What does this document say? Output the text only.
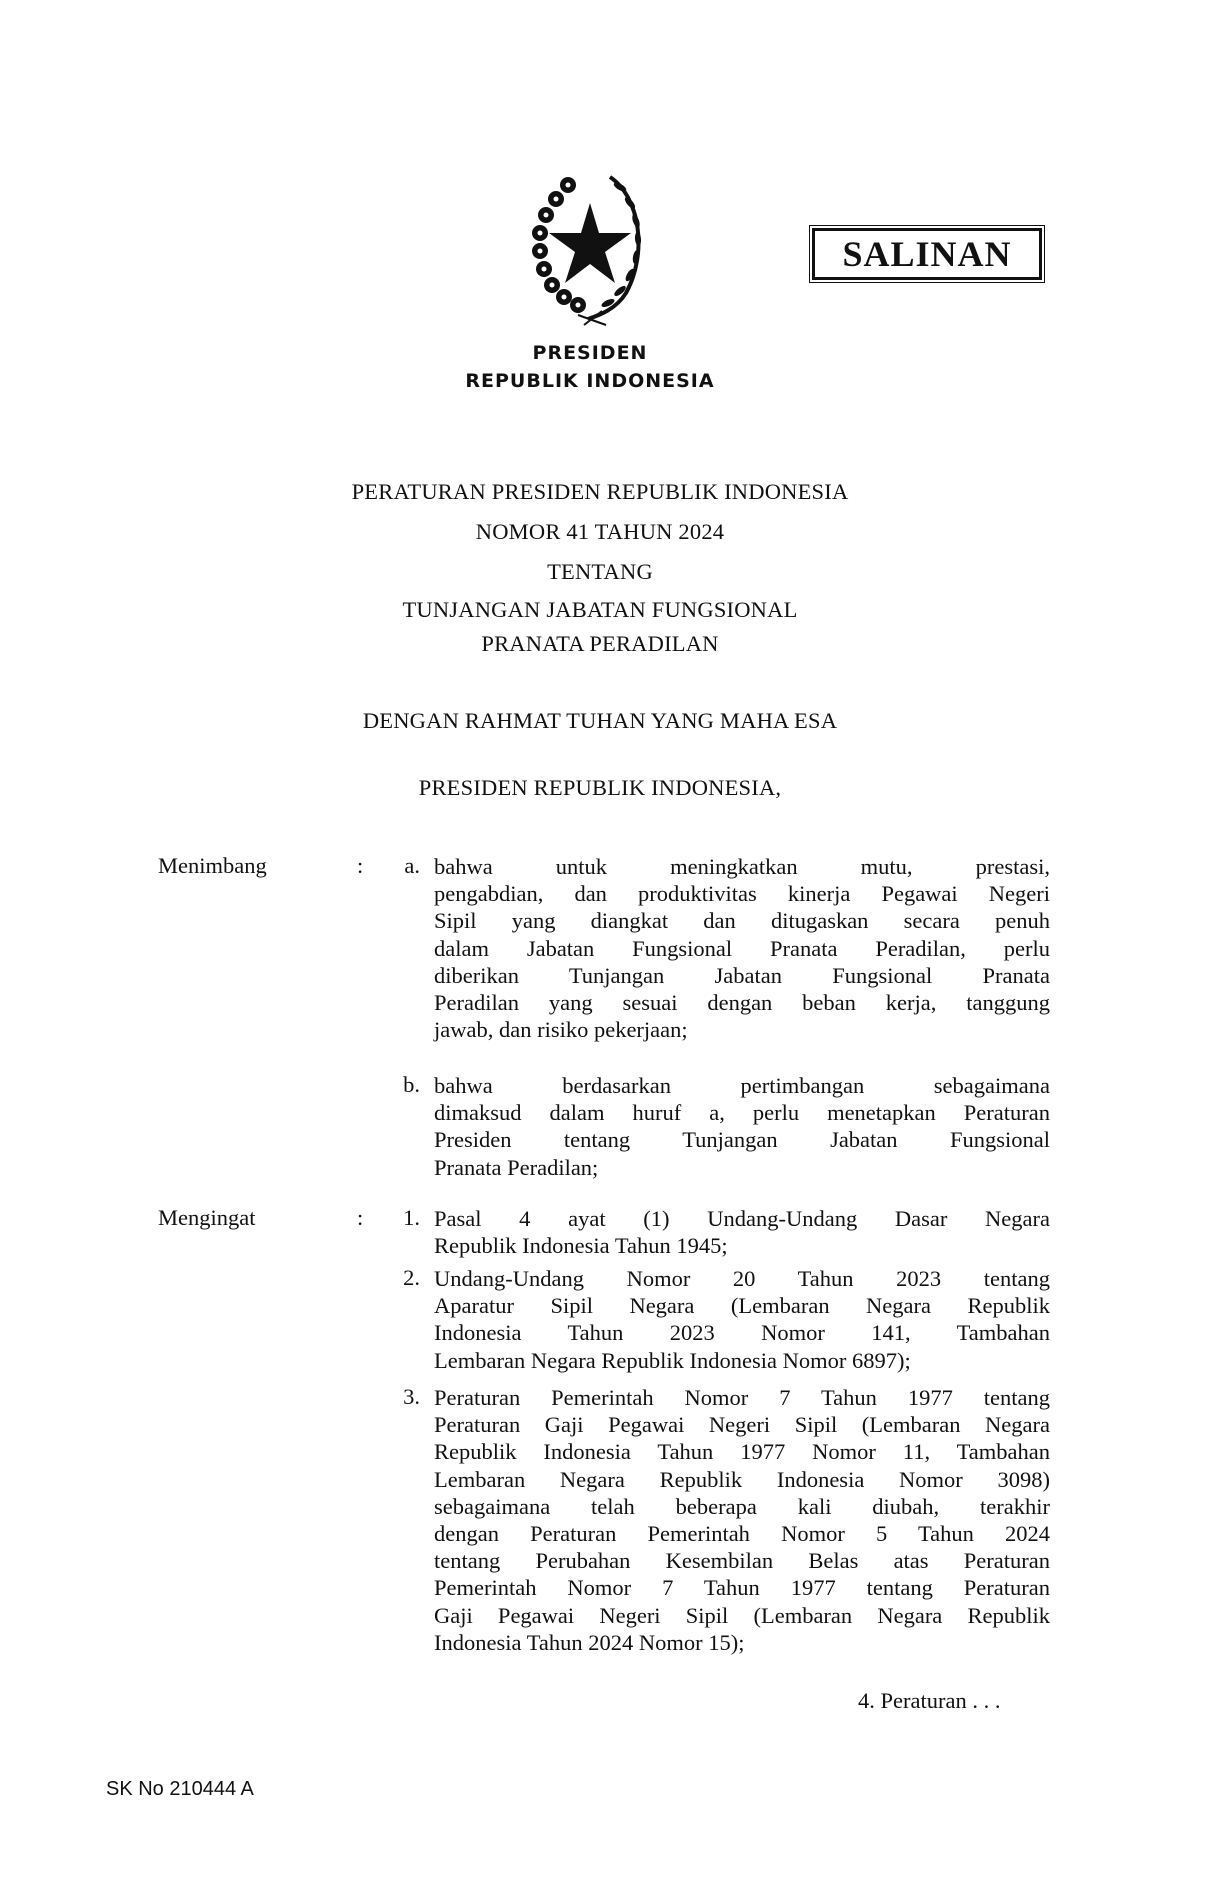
SALINAN
PRESIDEN
REPUBLIK INDONESIA
PERATURAN PRESIDEN REPUBLIK INDONESIA
NOMOR 41 TAHUN 2024
TENTANG
TUNJANGAN JABATAN FUNGSIONAL
PRANATA PERADILAN
DENGAN RAHMAT TUHAN YANG MAHA ESA
PRESIDEN REPUBLIK INDONESIA,
Menimbang	:	a. bahwa untuk meningkatkan mutu, prestasi,
pengabdian, dan produktivitas kinerja Pegawai Negeri
Sipil yang diangkat dan ditugaskan secara penuh
dalam Jabatan Fungsional Pranata Peradilan, perlu
diberikan Tunjangan Jabatan Fungsional Pranata
Peradilan yang sesuai dengan beban kerja, tanggung
jawab, dan risiko pekerjaan;
b. bahwa berdasarkan pertimbangan sebagaimana
dimaksud dalam huruf a, perlu menetapkan Peraturan
Presiden tentang Tunjangan Jabatan Fungsional
Pranata Peradilan;
Mengingat	:	1. Pasal 4 ayat (1) Undang-Undang Dasar Negara
Republik Indonesia Tahun 1945;
2. Undang-Undang Nomor 20 Tahun 2023 tentang
Aparatur Sipil Negara (Lembaran Negara Republik
Indonesia Tahun 2023 Nomor 141, Tambahan
Lembaran Negara Republik Indonesia Nomor 6897);
3. Peraturan Pemerintah Nomor 7 Tahun 1977 tentang
Peraturan Gaji Pegawai Negeri Sipil (Lembaran Negara
Republik Indonesia Tahun 1977 Nomor 11, Tambahan
Lembaran Negara Republik Indonesia Nomor 3098)
sebagaimana telah beberapa kali diubah, terakhir
dengan Peraturan Pemerintah Nomor 5 Tahun 2024
tentang Perubahan Kesembilan Belas atas Peraturan
Pemerintah Nomor 7 Tahun 1977 tentang Peraturan
Gaji Pegawai Negeri Sipil (Lembaran Negara Republik
Indonesia Tahun 2024 Nomor 15);
4. Peraturan . . .
SK No 210444 A
